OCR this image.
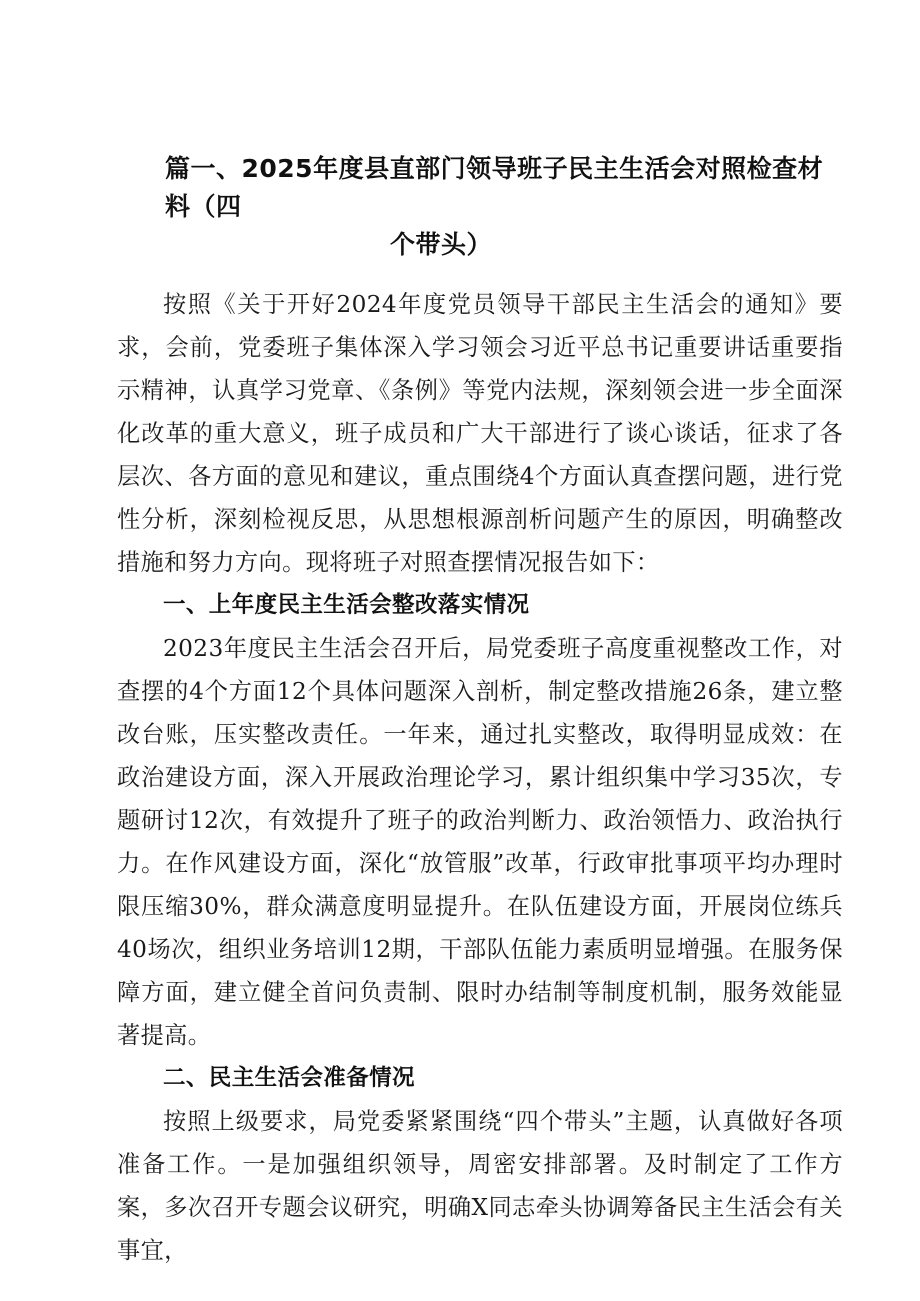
篇一、2025年度县直部门领导班子民主生活会对照检查材料（四
个带头）

按照《关于开好2024年度党员领导干部民主生活会的通知》要求，会前，党委班子集体深入学习领会习近平总书记重要讲话重要指示精神，认真学习党章、《条例》等党内法规，深刻领会进一步全面深化改革的重大意义，班子成员和广大干部进行了谈心谈话，征求了各层次、各方面的意见和建议，重点围绕4个方面认真查摆问题，进行党性分析，深刻检视反思，从思想根源剖析问题产生的原因，明确整改措施和努力方向。现将班子对照查摆情况报告如下：

一、上年度民主生活会整改落实情况

2023年度民主生活会召开后，局党委班子高度重视整改工作，对查摆的4个方面12个具体问题深入剖析，制定整改措施26条，建立整改台账，压实整改责任。一年来，通过扎实整改，取得明显成效：在政治建设方面，深入开展政治理论学习，累计组织集中学习35次，专题研讨12次，有效提升了班子的政治判断力、政治领悟力、政治执行力。在作风建设方面，深化“放管服”改革，行政审批事项平均办理时限压缩30%，群众满意度明显提升。在队伍建设方面，开展岗位练兵40场次，组织业务培训12期，干部队伍能力素质明显增强。在服务保障方面，建立健全首问负责制、限时办结制等制度机制，服务效能显著提高。

二、民主生活会准备情况

按照上级要求，局党委紧紧围绕“四个带头”主题，认真做好各项准备工作。一是加强组织领导，周密安排部署。及时制定了工作方案，多次召开专题会议研究，明确X同志牵头协调筹备民主生活会有关事宜，
